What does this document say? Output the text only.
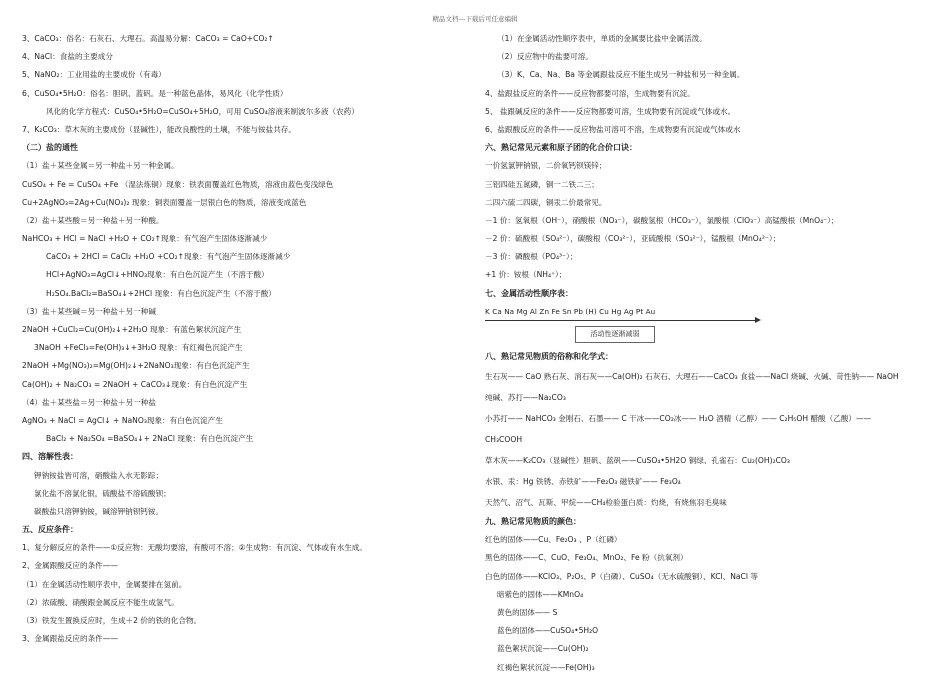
精品文档---下载后可任意编辑
3、CaCO₃：俗名：石灰石、大理石。高温易分解：CaCO₃ = CaO+CO₂↑
4、NaCl：食盐的主要成分
5、NaNO₂：工业用盐的主要成份（有毒）
6、CuSO₄•5H₂O：俗名：胆矾、蓝矾。是一种蓝色晶体，易风化（化学性质）
风化的化学方程式：CuSO₄•5H₂O=CuSO₄+5H₂O，可用 CuSO₄溶液来制波尔多液（农药）
7、K₂CO₃：草木灰的主要成份（显碱性），能改良酸性的土壤，不能与铵盐共存。
（二）盐的通性
（1）盐＋某些金属＝另一种盐＋另一种金属。
CuSO₄ + Fe = CuSO₄ +Fe （湿法炼铜）现象：铁表面覆盖红色物质，溶液由蓝色变浅绿色
Cu+2AgNO₃=2Ag+Cu(NO₃)₂ 现象：铜表面覆盖一层银白色的物质，溶液变成蓝色
（2）盐＋某些酸＝另一种盐＋另一种酸。
NaHCO₃ + HCl = NaCl +H₂O + CO₂↑现象：有气泡产生固体逐渐减少
CaCO₃ + 2HCl = CaCl₂ +H₂O +CO₂↑现象：有气泡产生固体逐渐减少
HCl+AgNO₃=AgCl↓+HNO₃现象：有白色沉淀产生（不溶于酸）
H₂SO₄.BaCl₂=BaSO₄↓+2HCl 现象：有白色沉淀产生（不溶于酸）
（3）盐＋某些碱＝另一种盐＋另一种碱
2NaOH +CuCl₂=Cu(OH)₂↓+2H₂O 现象：有蓝色絮状沉淀产生
3NaOH +FeCl₃=Fe(OH)₃↓+3H₂O 现象：有红褐色沉淀产生
2NaOH +Mg(NO₃)₂=Mg(OH)₂↓+2NaNO₃现象：有白色沉淀产生
Ca(OH)₂ + Na₂CO₃ = 2NaOH + CaCO₃↓现象：有白色沉淀产生
（4）盐＋某些盐＝另一种盐＋另一种盐
AgNO₃ + NaCl = AgCl↓ + NaNO₃现象：有白色沉淀产生
BaCl₂ + Na₂SO₄ =BaSO₄↓+ 2NaCl 现象：有白色沉淀产生
四、溶解性表：
钾钠铵盐皆可溶，硝酸盐入水无影踪；
氯化盐不溶氯化银，硫酸盐不溶硫酸钡；
碳酸盐只溶钾钠铵，碱溶钾钠钡钙铵。
五、反应条件：
1、复分解反应的条件——①反应物：无酸均要溶，有酸可不溶；②生成物：有沉淀、气体或有水生成。
2、金属跟酸反应的条件——
（1）在金属活动性顺序表中，金属要排在氢前。
（2）浓硫酸、硝酸跟金属反应不能生成氢气。
（3）铁发生置换反应时，生成＋2 价的铁的化合物。
3、金属跟盐反应的条件——
（1）在金属活动性顺序表中，单质的金属要比盐中金属活泼。
（2）反应物中的盐要可溶。
（3）K、Ca、Na、Ba 等金属跟盐反应不能生成另一种盐和另一种金属。
4、盐跟盐反应的条件——反应物都要可溶，生成物要有沉淀。
5、 盐跟碱反应的条件——反应物都要可溶，生成物要有沉淀或气体或水。
6、盐跟酸反应的条件——反应物盐可溶可不溶，生成物要有沉淀或气体或水
六、熟记常见元素和原子团的化合价口诀：
一价氢氯钾钠银，二价氧钙钡镁锌；
三铝四硅五氮磷，铜一二铁二三；
二四六硫二四碳，铜汞二价最常见。
－1 价：氢氧根（OH⁻），硝酸根（NO₃⁻），碳酸氢根（HCO₃⁻），氯酸根（ClO₃⁻）高锰酸根（MnO₄⁻）；
－2 价：硫酸根（SO₄²⁻），碳酸根（CO₃²⁻），亚硫酸根（SO₃²⁻），锰酸根（MnO₄²⁻）；
－3 价：磷酸根（PO₄³⁻）；
+1 价：铵根（NH₄⁺）；
七、金属活动性顺序表：
K Ca Na Mg Al Zn Fe Sn Pb (H) Cu Hg Ag Pt Au
活动性逐渐减弱
八、熟记常见物质的俗称和化学式：
生石灰—— CaO 熟石灰、消石灰——Ca(OH)₂ 石灰石、大理石——CaCO₃ 食盐——NaCl 烧碱、火碱、苛性钠—— NaOH
纯碱、苏打——Na₂CO₃
小苏打—— NaHCO₃ 金刚石、石墨—— C 干冰——CO₂冰—— H₂O 酒精（乙醇）—— C₂H₅OH 醋酸（乙酸）——
CH₃COOH
草木灰——K₂CO₃（显碱性）胆矾、蓝矾——CuSO₄•5H2O 铜绿、孔雀石：Cu₂(OH)₂CO₃
水银、汞：Hg 铁锈、赤铁矿——Fe₂O₃ 磁铁矿—— Fe₃O₄
天然气、沼气、瓦斯、甲烷——CH₄检验蛋白质：灼烧，有烧焦羽毛臭味
九、熟记常见物质的颜色：
红色的固体——Cu、Fe₂O₃ 、P（红磷）
黑色的固体——C、CuO、Fe₃O₄、MnO₂、Fe 粉（抗氧剂）
白色的固体——KClO₃、P₂O₅、P（白磷）、CuSO₄（无水硫酸铜）、KCl、NaCl 等
暗紫色的固体——KMnO₄
黄色的固体—— S
蓝色的固体——CuSO₄•5H₂O
蓝色絮状沉淀——Cu(OH)₂
红褐色絮状沉淀——Fe(OH)₃
